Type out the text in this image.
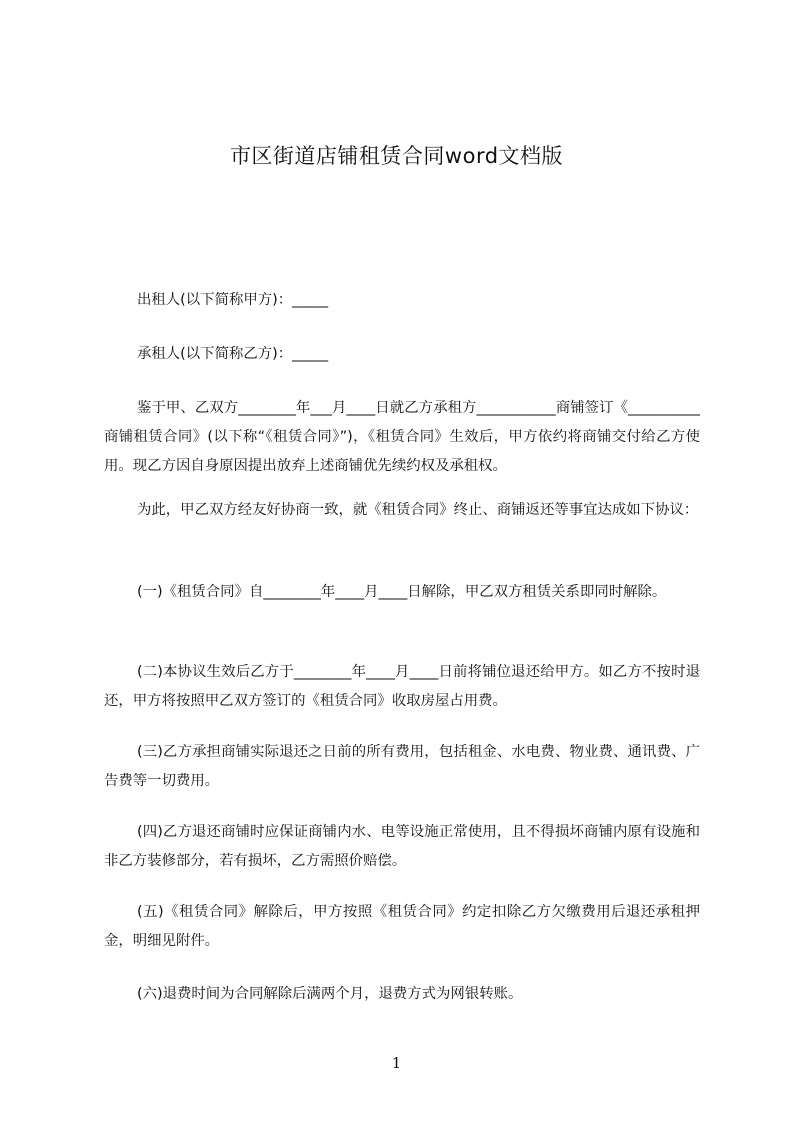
市区街道店铺租赁合同word文档版

出租人(以下简称甲方)：_____

承租人(以下简称乙方)：_____

鉴于甲、乙双方________年___月____日就乙方承租方___________商铺签订《__________商铺租赁合同》(以下称“《租赁合同》”)，《租赁合同》生效后，甲方依约将商铺交付给乙方使用。现乙方因自身原因提出放弃上述商铺优先续约权及承租权。

为此，甲乙双方经友好协商一致，就《租赁合同》终止、商铺返还等事宜达成如下协议：

(一)《租赁合同》自________年____月____日解除，甲乙双方租赁关系即同时解除。

(二)本协议生效后乙方于________年____月____日前将铺位退还给甲方。如乙方不按时退还，甲方将按照甲乙双方签订的《租赁合同》收取房屋占用费。

(三)乙方承担商铺实际退还之日前的所有费用，包括租金、水电费、物业费、通讯费、广告费等一切费用。

(四)乙方退还商铺时应保证商铺内水、电等设施正常使用，且不得损坏商铺内原有设施和非乙方装修部分，若有损坏，乙方需照价赔偿。

(五)《租赁合同》解除后，甲方按照《租赁合同》约定扣除乙方欠缴费用后退还承租押金，明细见附件。

(六)退费时间为合同解除后满两个月，退费方式为网银转账。

1
